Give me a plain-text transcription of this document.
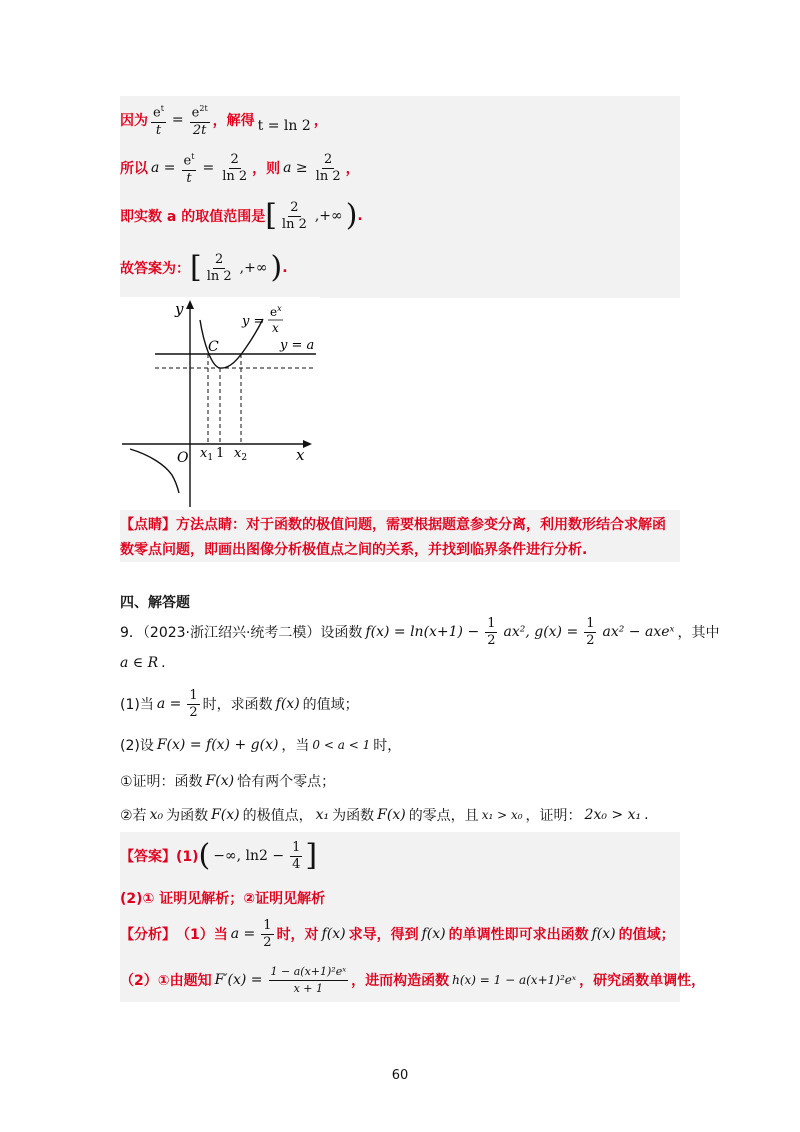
因为 $\frac{e^t}{t} = \frac{e^{2t}}{2t}$ ，解得 t = ln 2 ，
所以 $a = \frac{e^t}{t} = \frac{2}{\ln 2}$ ，则 $a \ge \frac{2}{\ln 2}$ ，
即实数 a 的取值范围是 [ $\frac{2}{\ln 2}$ ,+∞ ) .
故答案为： [ $\frac{2}{\ln 2}$ ,+∞ ) .
y
x
O
C	y = a
y =
$e^x$
x
$x_1$ 1 $x_2$
【点睛】 方法点睛：对于函数的极值问题，需要根据题意参变分离，利用数形结合求解函
数零点问题，即画出图像分析极值点之间的关系，并找到临界条件进行分析.
四、解答题
9．（2023·浙江绍兴·统考二模）设函数 $f(x) = \ln(x+1) - \frac{1}{2} ax^2$, $g(x) = \frac{1}{2} ax^2$ − axeˣ ，其中
a ∈ R .
(1)当 $a = \frac{1}{2}$ 时，求函数 f(x) 的值域；
(2)设 F(x) = f(x) + g(x) ，当 0 < a < 1 时，
①证明：函数 F(x) 恰有两个零点；
②若 x₀ 为函数 F(x) 的极值点， x₁ 为函数 F(x) 的零点，且 x₁ > x₀ ，证明： 2x₀ > x₁ .
【答案】(1) ( −∞, $\ln 2 - \frac{1}{4}$ ]
(2)① 证明见解析；②证明见解析
【分析】 （1）当 $a = \frac{1}{2}$ 时，对 f(x) 求导，得到 f(x) 的单调性即可求出函数 f(x) 的值域；
（2）①由题知 $F'(x) = \frac{\text{1 − a(x+1)²eˣ}}{x + 1}$ ，进而构造函数 h(x) = 1 − a(x+1)²eˣ ，研究函数单调性，
60
